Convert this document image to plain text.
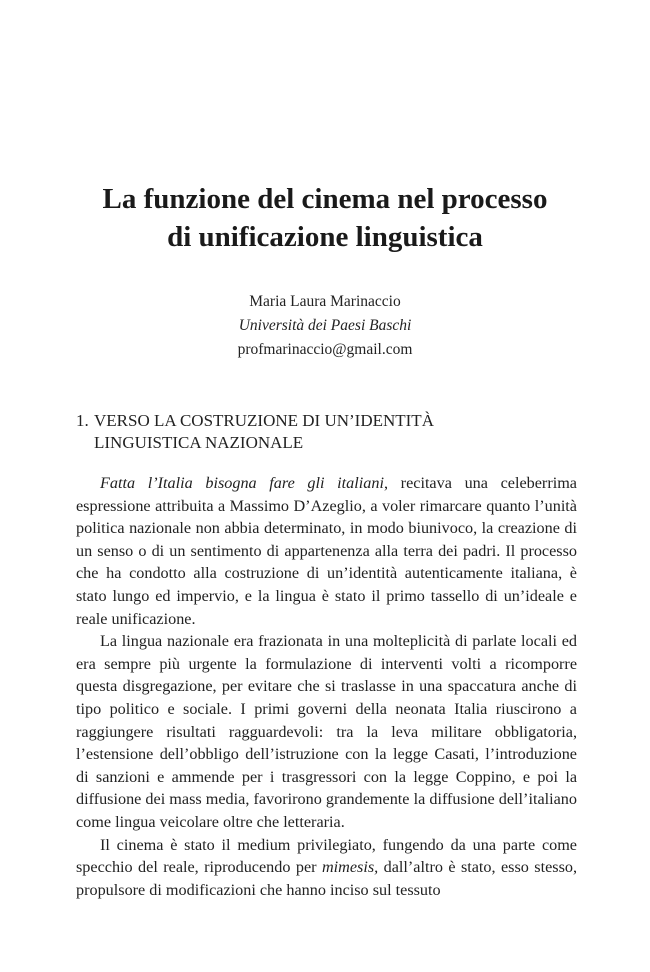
La funzione del cinema nel processo
di unificazione linguistica
Maria Laura Marinaccio
Università dei Paesi Baschi
profmarinaccio@gmail.com
1. VERSO LA COSTRUZIONE DI UN’IDENTITÀ
LINGUISTICA NAZIONALE

Fatta l’Italia bisogna fare gli italiani, recitava una celeberrima espressione attribuita a Massimo D’Azeglio, a voler rimarcare quanto l’unità politica nazionale non abbia determinato, in modo biunivoco, la creazione di un senso o di un sentimento di appartenenza alla terra dei padri. Il processo che ha condotto alla costruzione di un’identità autenticamente italiana, è stato lungo ed impervio, e la lingua è stato il primo tassello di un’ideale e reale unificazione.

La lingua nazionale era frazionata in una molteplicità di parlate locali ed era sempre più urgente la formulazione di interventi volti a ricomporre questa disgregazione, per evitare che si traslasse in una spaccatura anche di tipo politico e sociale. I primi governi della neonata Italia riuscirono a raggiungere risultati ragguardevoli: tra la leva militare obbligatoria, l’estensione dell’obbligo dell’istruzione con la legge Casati, l’introduzione di sanzioni e ammende per i trasgressori con la legge Coppino, e poi la diffusione dei mass media, favorirono grandemente la diffusione dell’italiano come lingua veicolare oltre che letteraria.

Il cinema è stato il medium privilegiato, fungendo da una parte come specchio del reale, riproducendo per mimesis, dall’altro è stato, esso stesso, propulsore di modificazioni che hanno inciso sul tessuto
